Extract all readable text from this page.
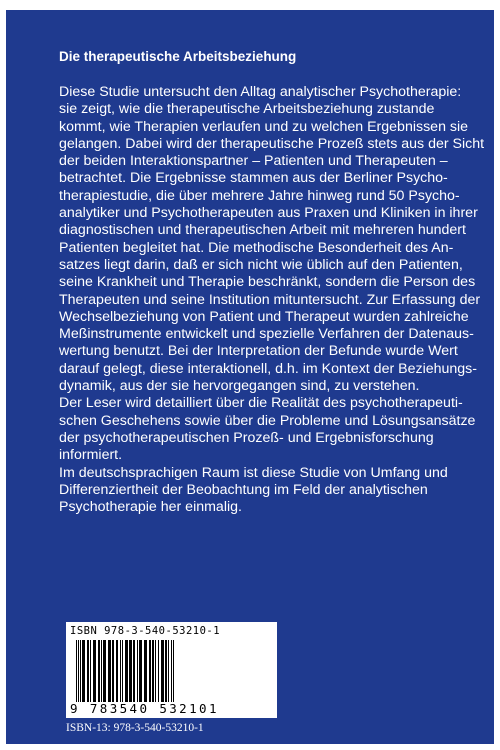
Die therapeutische Arbeitsbeziehung
Diese Studie untersucht den Alltag analytischer Psychotherapie:
sie zeigt, wie die therapeutische Arbeitsbeziehung zustande
kommt, wie Therapien verlaufen und zu welchen Ergebnissen sie
gelangen. Dabei wird der therapeutische Prozeß stets aus der Sicht
der beiden Interaktionspartner – Patienten und Therapeuten –
betrachtet. Die Ergebnisse stammen aus der Berliner Psycho-
therapiestudie, die über mehrere Jahre hinweg rund 50 Psycho-
analytiker und Psychotherapeuten aus Praxen und Kliniken in ihrer
diagnostischen und therapeutischen Arbeit mit mehreren hundert
Patienten begleitet hat. Die methodische Besonderheit des An-
satzes liegt darin, daß er sich nicht wie üblich auf den Patienten,
seine Krankheit und Therapie beschränkt, sondern die Person des
Therapeuten und seine Institution mituntersucht. Zur Erfassung der
Wechselbeziehung von Patient und Therapeut wurden zahlreiche
Meßinstrumente entwickelt und spezielle Verfahren der Datenaus-
wertung benutzt. Bei der Interpretation der Befunde wurde Wert
darauf gelegt, diese interaktionell, d.h. im Kontext der Beziehungs-
dynamik, aus der sie hervorgegangen sind, zu verstehen.
Der Leser wird detailliert über die Realität des psychotherapeuti-
schen Geschehens sowie über die Probleme und Lösungsansätze
der psychotherapeutischen Prozeß- und Ergebnisforschung
informiert.
Im deutschsprachigen Raum ist diese Studie von Umfang und
Differenziertheit der Beobachtung im Feld der analytischen
Psychotherapie her einmalig.
ISBN 978-3-540-53210-1
9 783540 532101
ISBN-13: 978-3-540-53210-1
